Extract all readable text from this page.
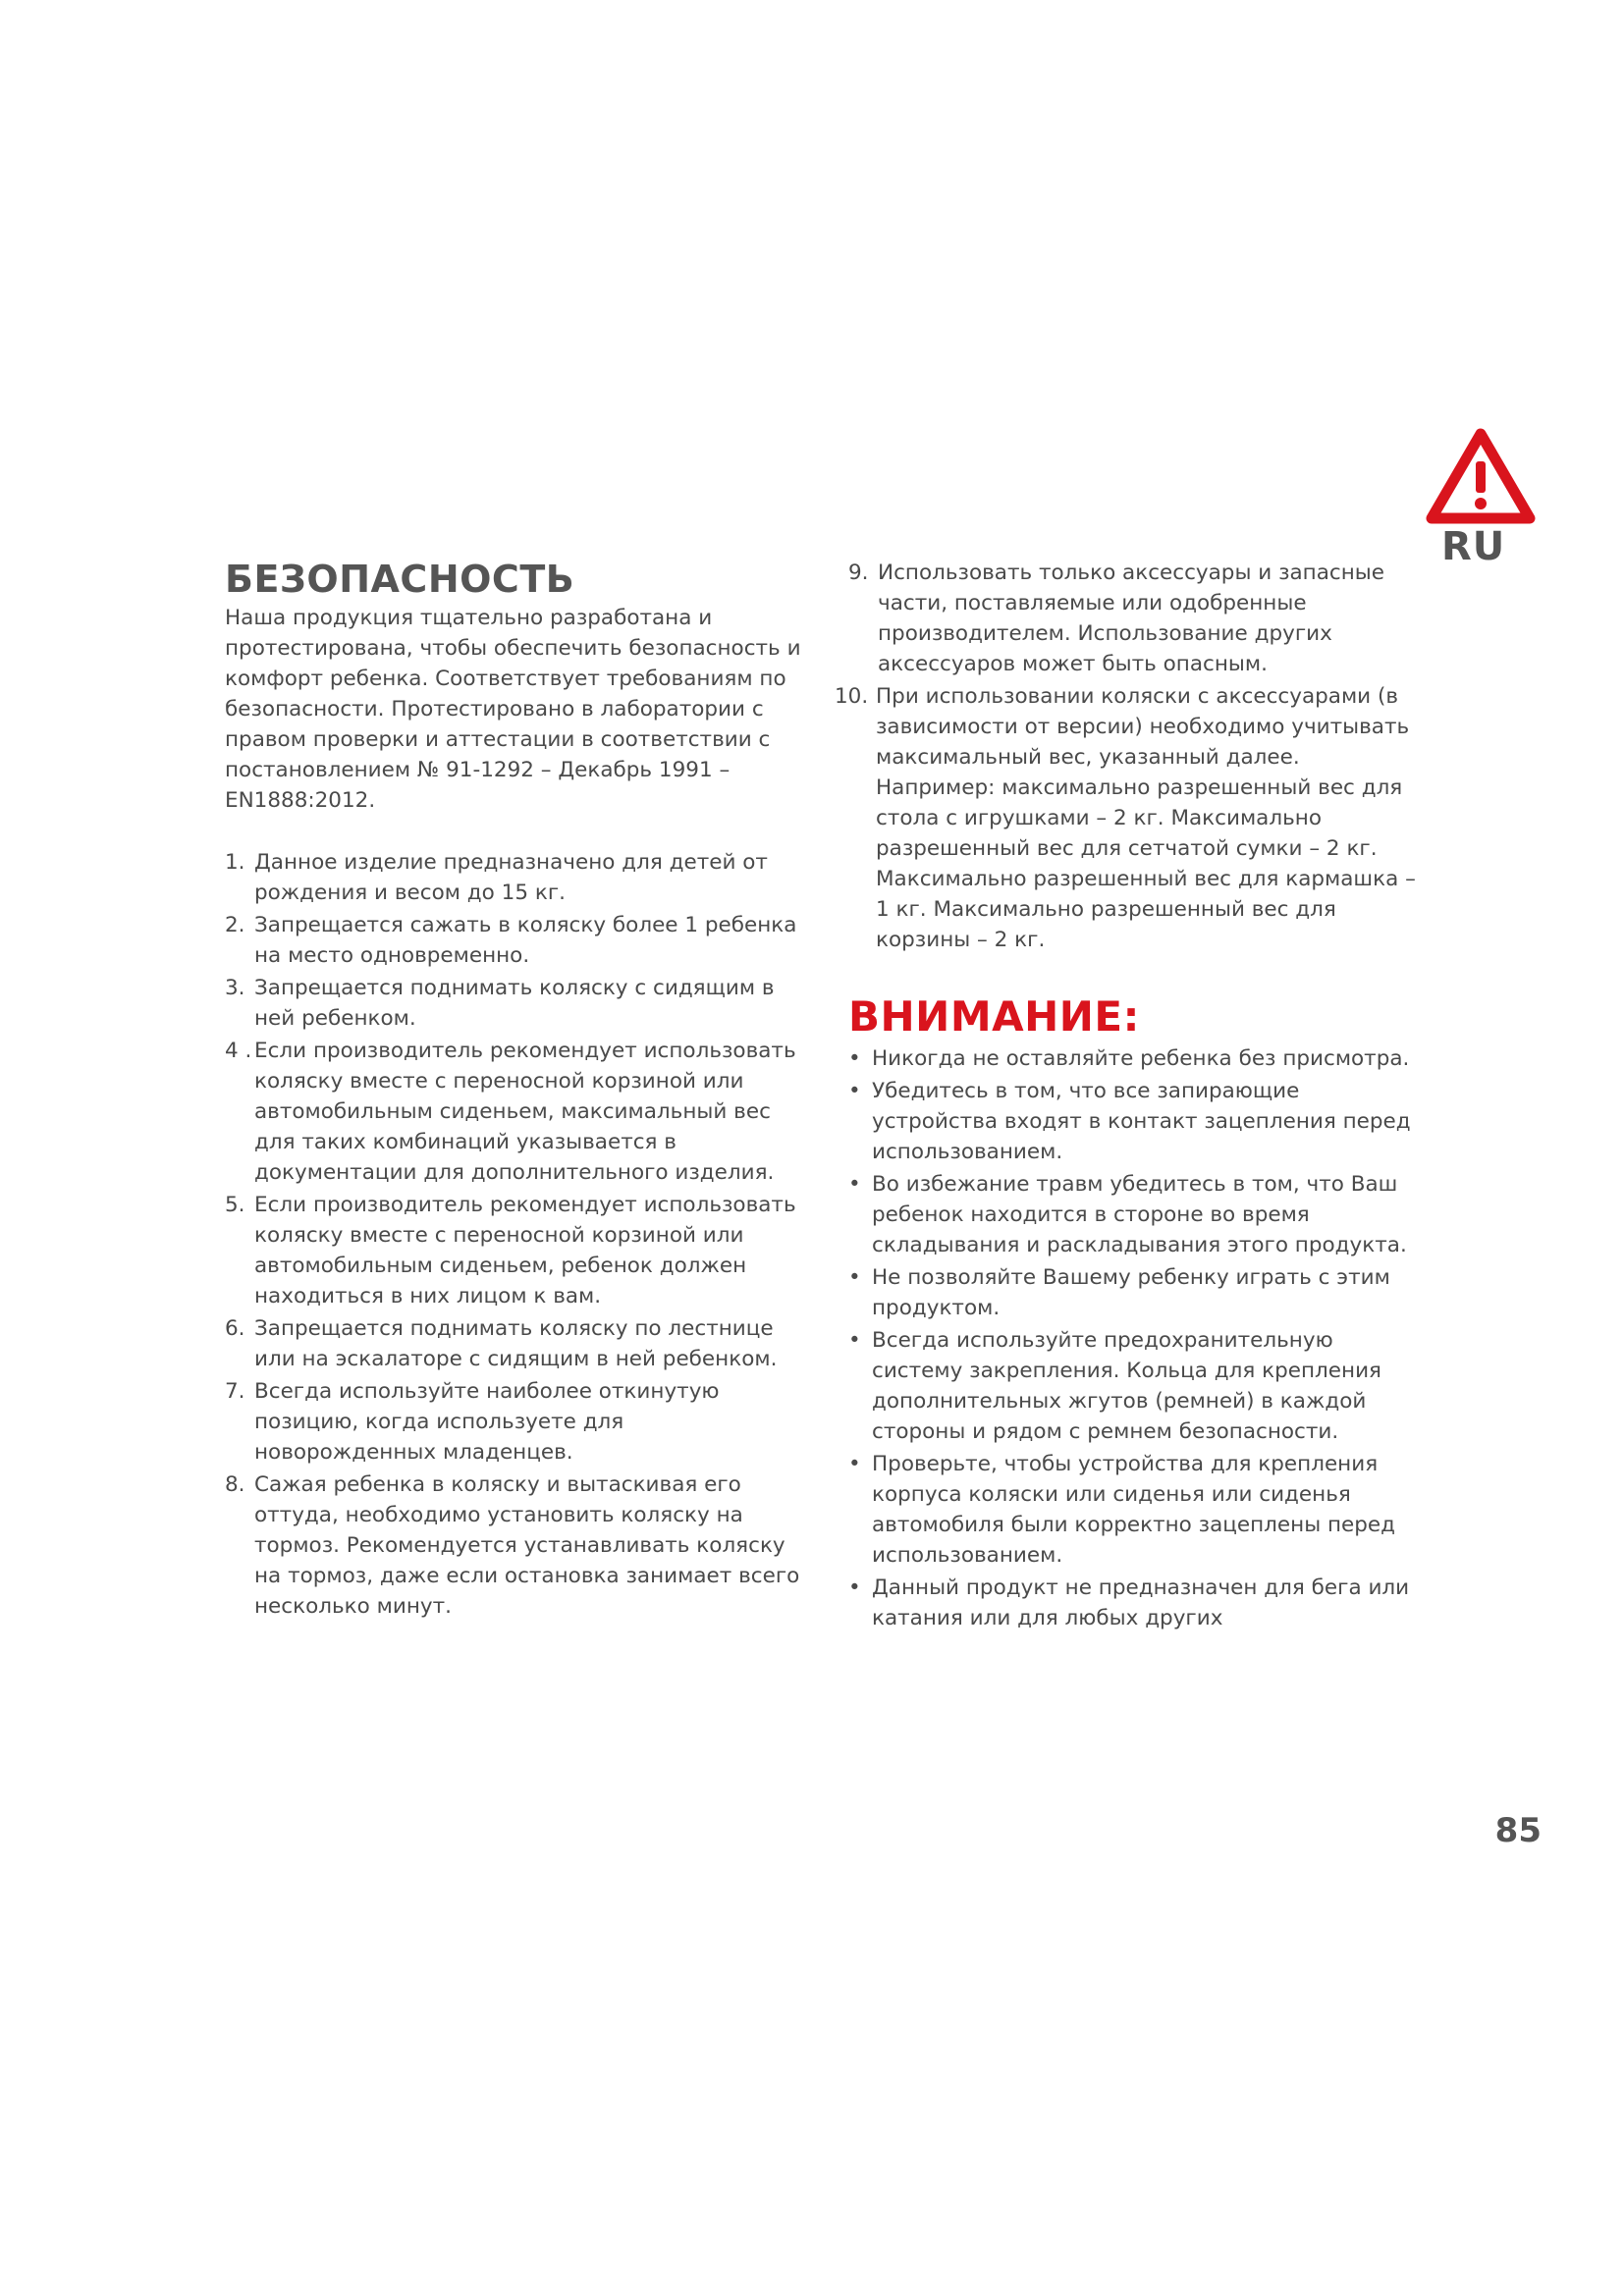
RU
БЕЗОПАСНОСТЬ

Наша продукция тщательно разработана и протестирована, чтобы обеспечить безопасность и комфорт ребенка. Соответствует требованиям по безопасности. Протестировано в лаборатории с правом проверки и аттестации в соответствии с постановлением № 91-1292 – Декабрь 1991 – EN1888:2012.

1. Данное изделие предназначено для детей от рождения и весом до 15 кг.
2. Запрещается сажать в коляску более 1 ребенка на место одновременно.
3. Запрещается поднимать коляску с сидящим в ней ребенком.
4 . Если производитель рекомендует использовать коляску вместе с переносной корзиной или автомобильным сиденьем, максимальный вес для таких комбинаций указывается в документации для дополнительного изделия.
5. Если производитель рекомендует использовать коляску вместе с переносной корзиной или автомобильным сиденьем, ребенок должен находиться в них лицом к вам.
6. Запрещается поднимать коляску по лестнице или на эскалаторе с сидящим в ней ребенком.
7. Всегда используйте наиболее откинутую позицию, когда используете для новорожденных младенцев.
8. Сажая ребенка в коляску и вытаскивая его оттуда, необходимо установить коляску на тормоз. Рекомендуется устанавливать коляску на тормоз, даже если остановка занимает всего несколько минут.
9. Использовать только аксессуары и запасные части, поставляемые или одобренные производителем. Использование других аксессуаров может быть опасным.
10. При использовании коляски с аксессуарами (в зависимости от версии) необходимо учитывать максимальный вес, указанный далее. Например: максимально разрешенный вес для стола с игрушками – 2 кг. Максимально разрешенный вес для сетчатой сумки – 2 кг. Максимально разрешенный вес для кармашка – 1 кг. Максимально разрешенный вес для корзины – 2 кг.
ВНИМАНИЕ:
• Никогда не оставляйте ребенка без присмотра.
• Убедитесь в том, что все запирающие устройства входят в контакт зацепления перед использованием.
• Во избежание травм убедитесь в том, что Ваш ребенок находится в стороне во время складывания и раскладывания этого продукта.
• Не позволяйте Вашему ребенку играть с этим продуктом.
• Всегда используйте предохранительную систему закрепления. Кольца для крепления дополнительных жгутов (ремней) в каждой стороны и рядом с ремнем безопасности.
• Проверьте, чтобы устройства для крепления корпуса коляски или сиденья или сиденья автомобиля были корректно зацеплены перед использованием.
• Данный продукт не предназначен для бега или катания или для любых других
85
